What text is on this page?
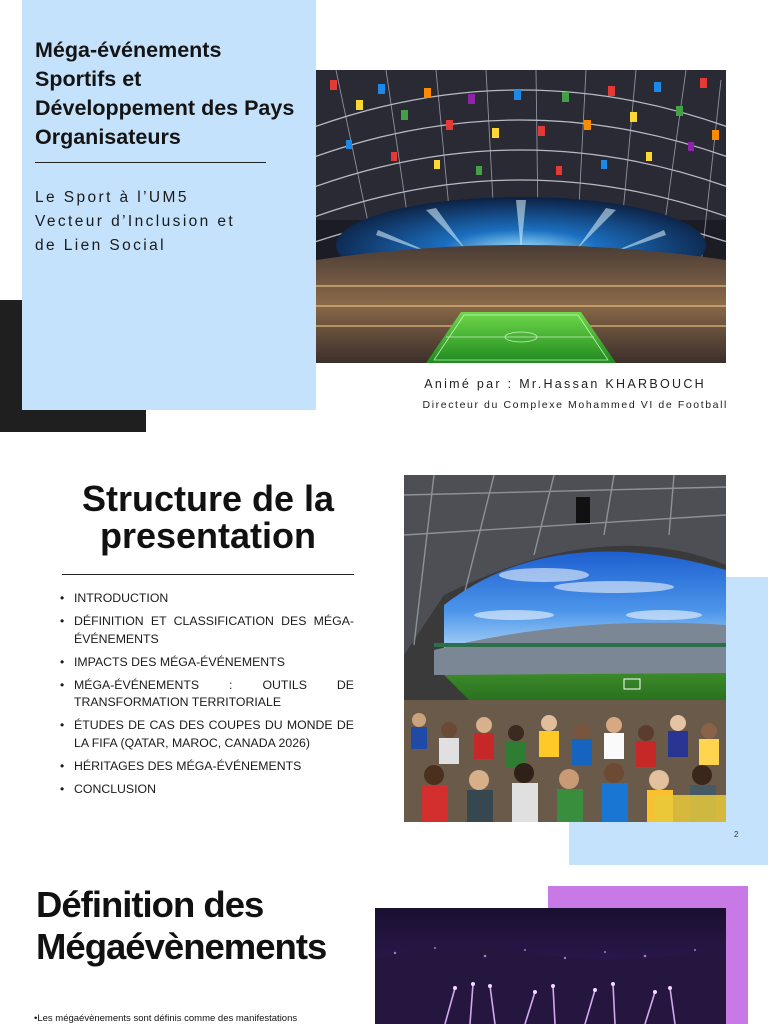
Méga-événements Sportifs et Développement des Pays Organisateurs
Le Sport à l’UM5
Vecteur d’Inclusion et
de Lien Social
Animé par : Mr.Hassan KHARBOUCH
Directeur du Complexe Mohammed VI de Football
Structure de la
presentation
• INTRODUCTION
• DÉFINITION ET CLASSIFICATION DES MÉGA-ÉVÉNEMENTS
• IMPACTS DES MÉGA-ÉVÉNEMENTS
• MÉGA-ÉVÉNEMENTS : OUTILS DE TRANSFORMATION TERRITORIALE
• ÉTUDES DE CAS DES COUPES DU MONDE DE LA FIFA (QATAR, MAROC, CANADA 2026)
• HÉRITAGES DES MÉGA-ÉVÉNEMENTS
• CONCLUSION
2
Définition des
Mégaévènements
•Les mégaévènements sont définis comme des manifestations
